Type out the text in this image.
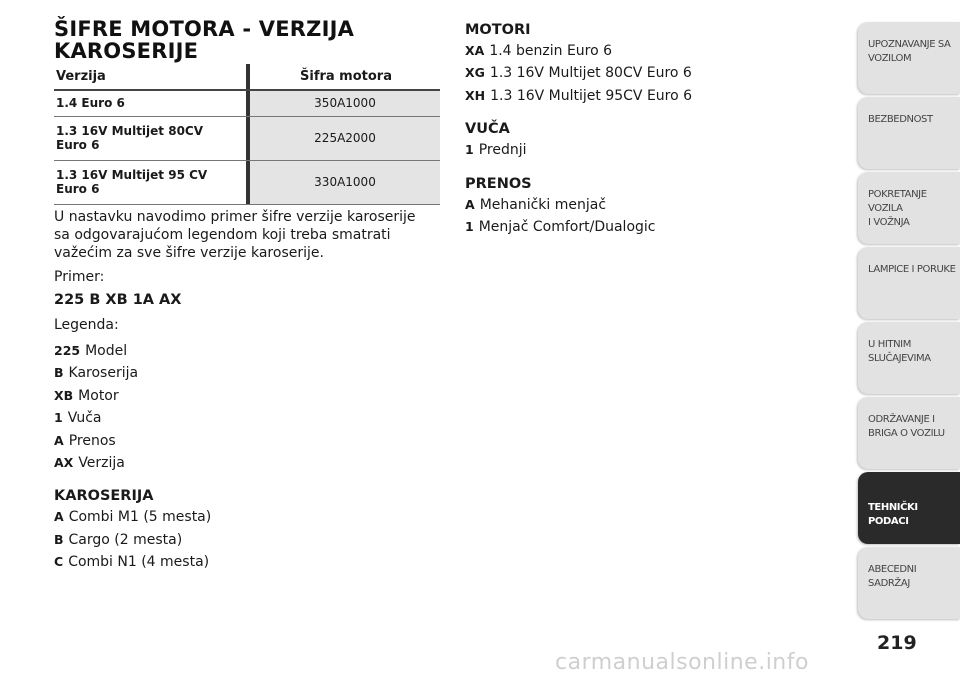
ŠIFRE MOTORA - VERZIJA
KAROSERIJE
Verzija		Šifra motora
1.4 Euro 6		350A1000
1.3 16V Multijet 80CV
Euro 6		225A2000
1.3 16V Multijet 95 CV
Euro 6		330A1000

U nastavku navodimo primer šifre verzije karoserije
sa odgovarajućom legendom koji treba smatrati
važećim za sve šifre verzije karoserije.

Primer:

225 B XB 1A AX

Legenda:

225 Model
B Karoserija
XB Motor
1 Vuča
A Prenos
AX Verzija
KAROSERIJA
A Combi M1 (5 mesta)
B Cargo (2 mesta)
C Combi N1 (4 mesta)
MOTORI
XA 1.4 benzin Euro 6
XG 1.3 16V Multijet 80CV Euro 6
XH 1.3 16V Multijet 95CV Euro 6
VUČA
1 Prednji
PRENOS
A Mehanički menjač
1 Menjač Comfort/Dualogic
UPOZNAVANJE SA
VOZILOM
BEZBEDNOST
POKRETANJE VOZILA
I VOŽNJA
LAMPICE I PORUKE
U HITNIM
SLUČAJEVIMA
ODRŽAVANJE I
BRIGA O VOZILU
TEHNIČKI PODACI
ABECEDNI SADRŽAJ
219
carmanualsonline.info
